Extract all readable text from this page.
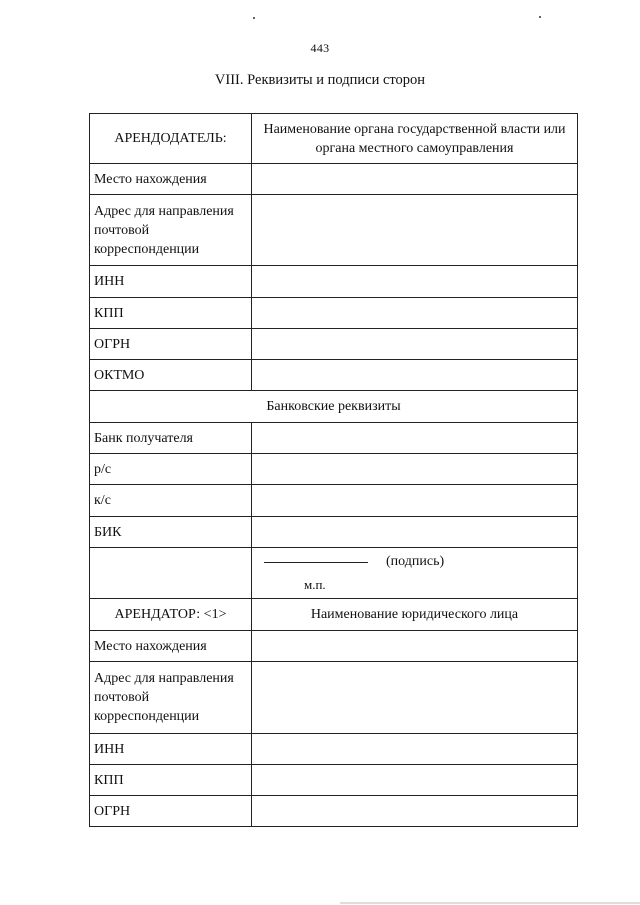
443
VIII. Реквизиты и подписи сторон
АРЕНДОДАТЕЛЬ:	Наименование органа государственной власти или органа местного самоуправления
Место нахождения	
Адрес для направления почтовой корреспонденции	
ИНН	
КПП	
ОГРН	
ОКТМО	
Банковские реквизиты	
Банк получателя	
р/с	
к/с	
БИК	
	(подпись)
м.п.

АРЕНДАТОР: <1>	Наименование юридического лица
Место нахождения	
Адрес для направления почтовой корреспонденции	
ИНН	
КПП	
ОГРН	
